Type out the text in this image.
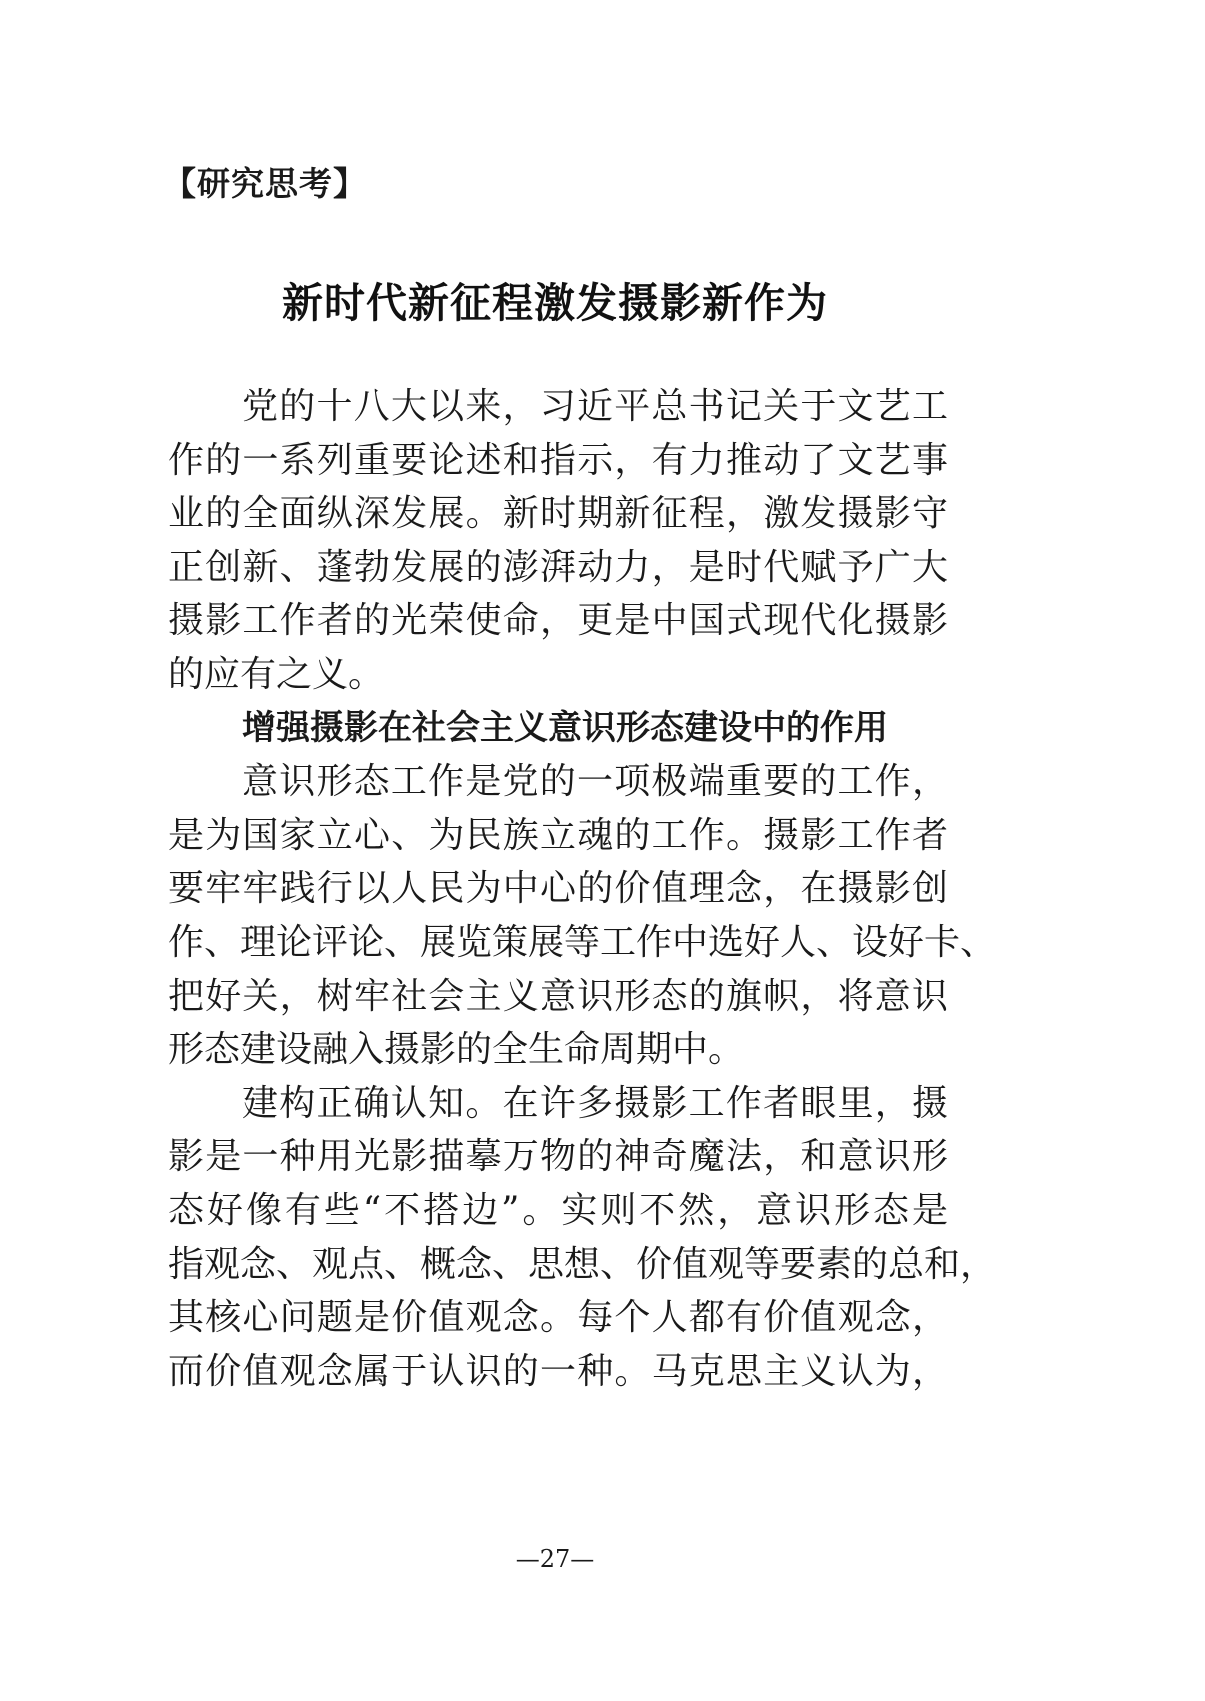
【研究思考】
新时代新征程激发摄影新作为
党的十八大以来，习近平总书记关于文艺工
作的一系列重要论述和指示，有力推动了文艺事
业的全面纵深发展。新时期新征程，激发摄影守
正创新、蓬勃发展的澎湃动力，是时代赋予广大
摄影工作者的光荣使命，更是中国式现代化摄影
的应有之义。
增强摄影在社会主义意识形态建设中的作用
意识形态工作是党的一项极端重要的工作，
是为国家立心、为民族立魂的工作。摄影工作者
要牢牢践行以人民为中心的价值理念，在摄影创
作、理论评论、展览策展等工作中选好人、设好卡、
把好关，树牢社会主义意识形态的旗帜，将意识
形态建设融入摄影的全生命周期中。
建构正确认知。在许多摄影工作者眼里，摄
影是一种用光影描摹万物的神奇魔法，和意识形
态好像有些“不搭边”。实则不然，意识形态是
指观念、观点、概念、思想、价值观等要素的总和，
其核心问题是价值观念。每个人都有价值观念，
而价值观念属于认识的一种。马克思主义认为，
—27—
